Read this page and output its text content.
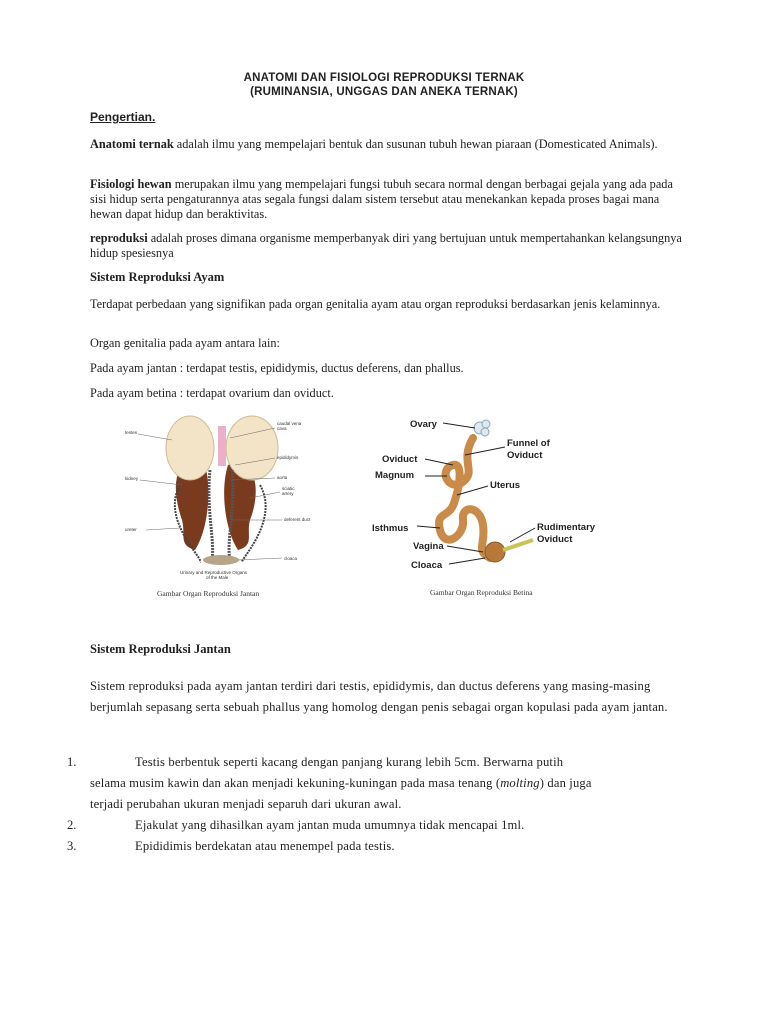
ANATOMI DAN FISIOLOGI REPRODUKSI TERNAK
(RUMINANSIA, UNGGAS DAN ANEKA TERNAK)
Pengertian.
Anatomi ternak adalah ilmu yang mempelajari bentuk dan susunan tubuh hewan piaraan (Domesticated Animals).
Fisiologi hewan merupakan ilmu yang mempelajari fungsi tubuh secara normal dengan berbagai gejala yang ada pada sisi hidup serta pengaturannya atas segala fungsi dalam sistem tersebut atau menekankan kepada proses bagai mana hewan dapat hidup dan beraktivitas.
reproduksi adalah proses dimana organisme memperbanyak diri yang bertujuan untuk mempertahankan kelangsungnya hidup spesiesnya
Sistem Reproduksi Ayam
Terdapat perbedaan yang signifikan pada organ genitalia ayam atau organ reproduksi berdasarkan jenis kelaminnya.
Organ genitalia pada ayam antara lain:
Pada ayam jantan : terdapat testis, epididymis, ductus deferens, dan phallus.
Pada ayam betina : terdapat ovarium dan oviduct.
testes
caudal vena
cava
epididymis
aorta
kidney
sciatic
artery
deferent duct
ureter
cloaca
Urinary and Reproductive Organs
of the Male
Gambar Organ Reproduksi Jantan
Ovary
Funnel of
Oviduct
Oviduct
Magnum
Uterus
Isthmus	Rudimentary
Oviduct
Vagina
Cloaca
Gambar Organ Reproduksi Betina
Sistem Reproduksi Jantan
Sistem reproduksi pada ayam jantan terdiri dari testis, epididymis, dan ductus deferens yang masing-masing berjumlah sepasang serta sebuah phallus yang homolog dengan penis sebagai organ kopulasi pada ayam jantan.
1.	Testis berbentuk seperti kacang dengan panjang kurang lebih 5cm. Berwarna putih
selama musim kawin dan akan menjadi kekuning-kuningan pada masa tenang (molting) dan juga
terjadi perubahan ukuran menjadi separuh dari ukuran awal.
2.	Ejakulat yang dihasilkan ayam jantan muda umumnya tidak mencapai 1ml.
3.	Epididimis berdekatan atau menempel pada testis.
